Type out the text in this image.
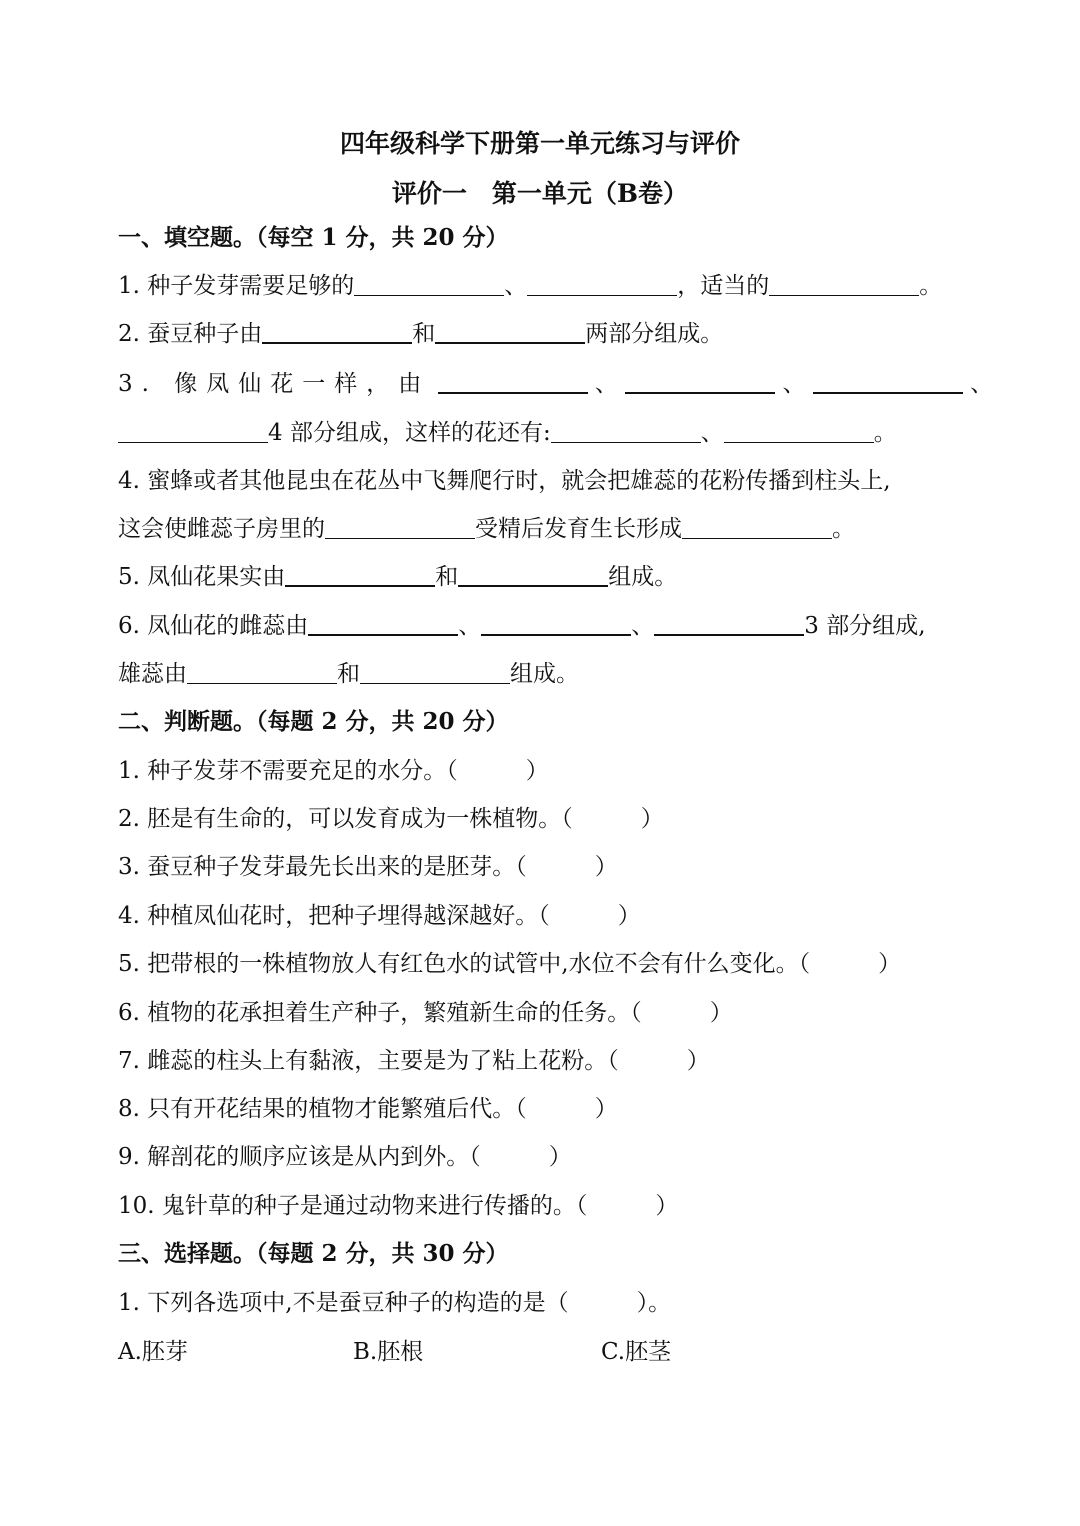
四年级科学下册第一单元练习与评价
评价一　第一单元（B卷）
一、填空题。（每空 1 分，共 20 分）
1. 种子发芽需要足够的	、	，适当的	。
2. 蚕豆种子由	和	两部分组成。
3. 像凤仙花一样，由	、	、	、
4 部分组成，这样的花还有:	、	。
4. 蜜蜂或者其他昆虫在花丛中飞舞爬行时，就会把雄蕊的花粉传播到柱头上,
这会使雌蕊子房里的	受精后发育生长形成	。
5. 凤仙花果实由	和	组成。
6. 凤仙花的雌蕊由	、	、	3 部分组成,
雄蕊由	和	组成。
二、判断题。（每题 2 分，共 20 分）
1. 种子发芽不需要充足的水分。（	）
2. 胚是有生命的，可以发育成为一株植物。（	）
3. 蚕豆种子发芽最先长出来的是胚芽。（	）
4. 种植凤仙花时，把种子埋得越深越好。（	）
5. 把带根的一株植物放人有红色水的试管中,水位不会有什么变化。（	）
6. 植物的花承担着生产种子，繁殖新生命的任务。（	）
7. 雌蕊的柱头上有黏液，主要是为了粘上花粉。（	）
8. 只有开花结果的植物才能繁殖后代。（	）
9. 解剖花的顺序应该是从内到外。（	）
10. 鬼针草的种子是通过动物来进行传播的。（	）
三、选择题。（每题 2 分，共 30 分）
1. 下列各选项中,不是蚕豆种子的构造的是（	）。
A.胚芽	B.胚根	C.胚茎
